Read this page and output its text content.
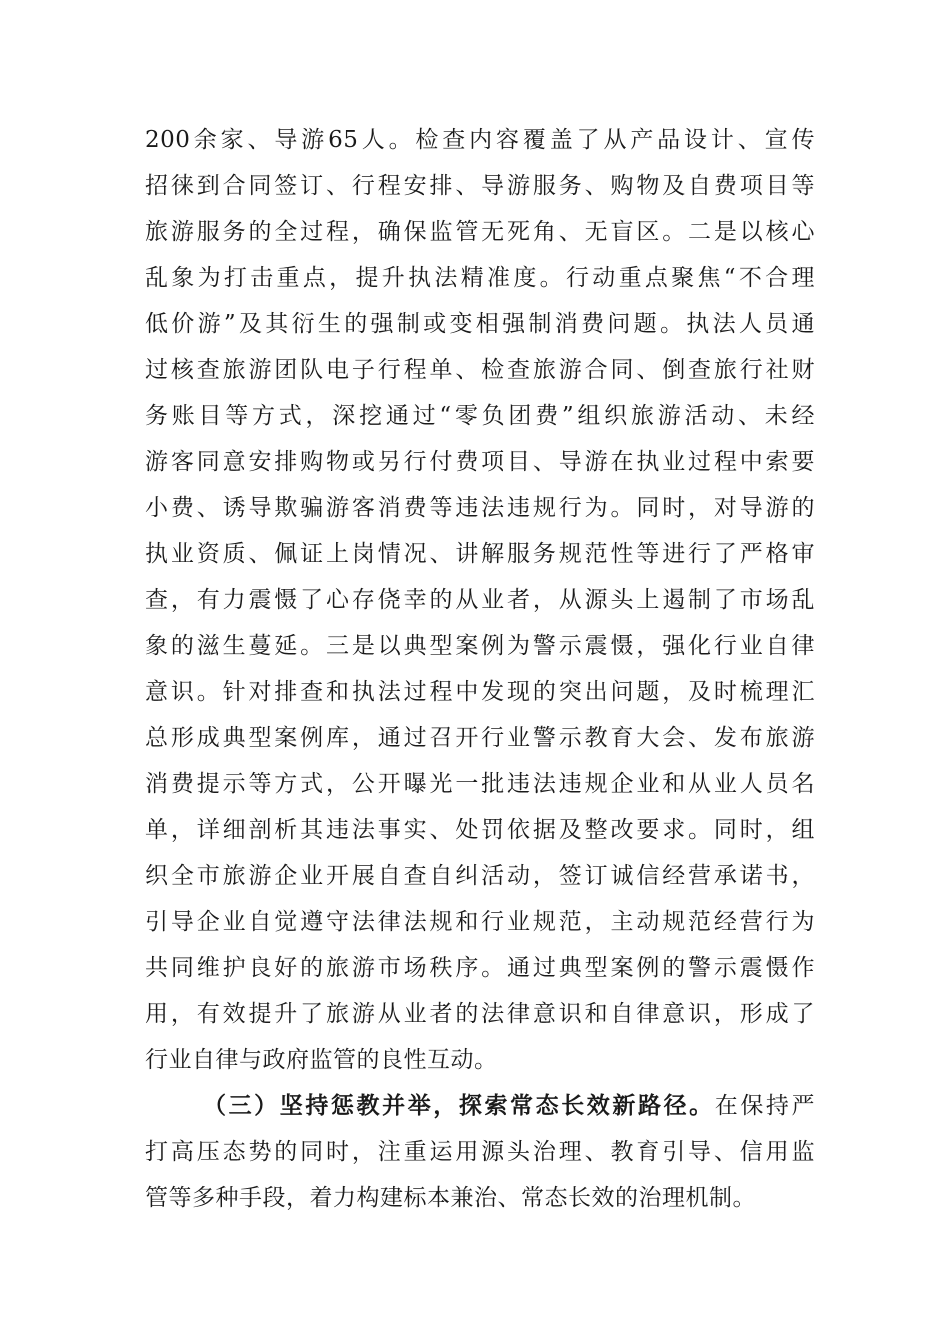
200余家、导游65人。检查内容覆盖了从产品设计、宣传
招徕到合同签订、行程安排、导游服务、购物及自费项目等
旅游服务的全过程，确保监管无死角、无盲区。二是以核心
乱象为打击重点，提升执法精准度。行动重点聚焦“不合理
低价游”及其衍生的强制或变相强制消费问题。执法人员通
过核查旅游团队电子行程单、检查旅游合同、倒查旅行社财
务账目等方式，深挖通过“零负团费”组织旅游活动、未经
游客同意安排购物或另行付费项目、导游在执业过程中索要
小费、诱导欺骗游客消费等违法违规行为。同时，对导游的
执业资质、佩证上岗情况、讲解服务规范性等进行了严格审
查，有力震慑了心存侥幸的从业者，从源头上遏制了市场乱
象的滋生蔓延。三是以典型案例为警示震慑，强化行业自律
意识。针对排查和执法过程中发现的突出问题，及时梳理汇
总形成典型案例库，通过召开行业警示教育大会、发布旅游
消费提示等方式，公开曝光一批违法违规企业和从业人员名
单，详细剖析其违法事实、处罚依据及整改要求。同时，组
织全市旅游企业开展自查自纠活动，签订诚信经营承诺书，
引导企业自觉遵守法律法规和行业规范，主动规范经营行为
共同维护良好的旅游市场秩序。通过典型案例的警示震慑作
用，有效提升了旅游从业者的法律意识和自律意识，形成了
行业自律与政府监管的良性互动。
（三）坚持惩教并举，探索常态长效新路径。在保持严
打高压态势的同时，注重运用源头治理、教育引导、信用监
管等多种手段，着力构建标本兼治、常态长效的治理机制。
